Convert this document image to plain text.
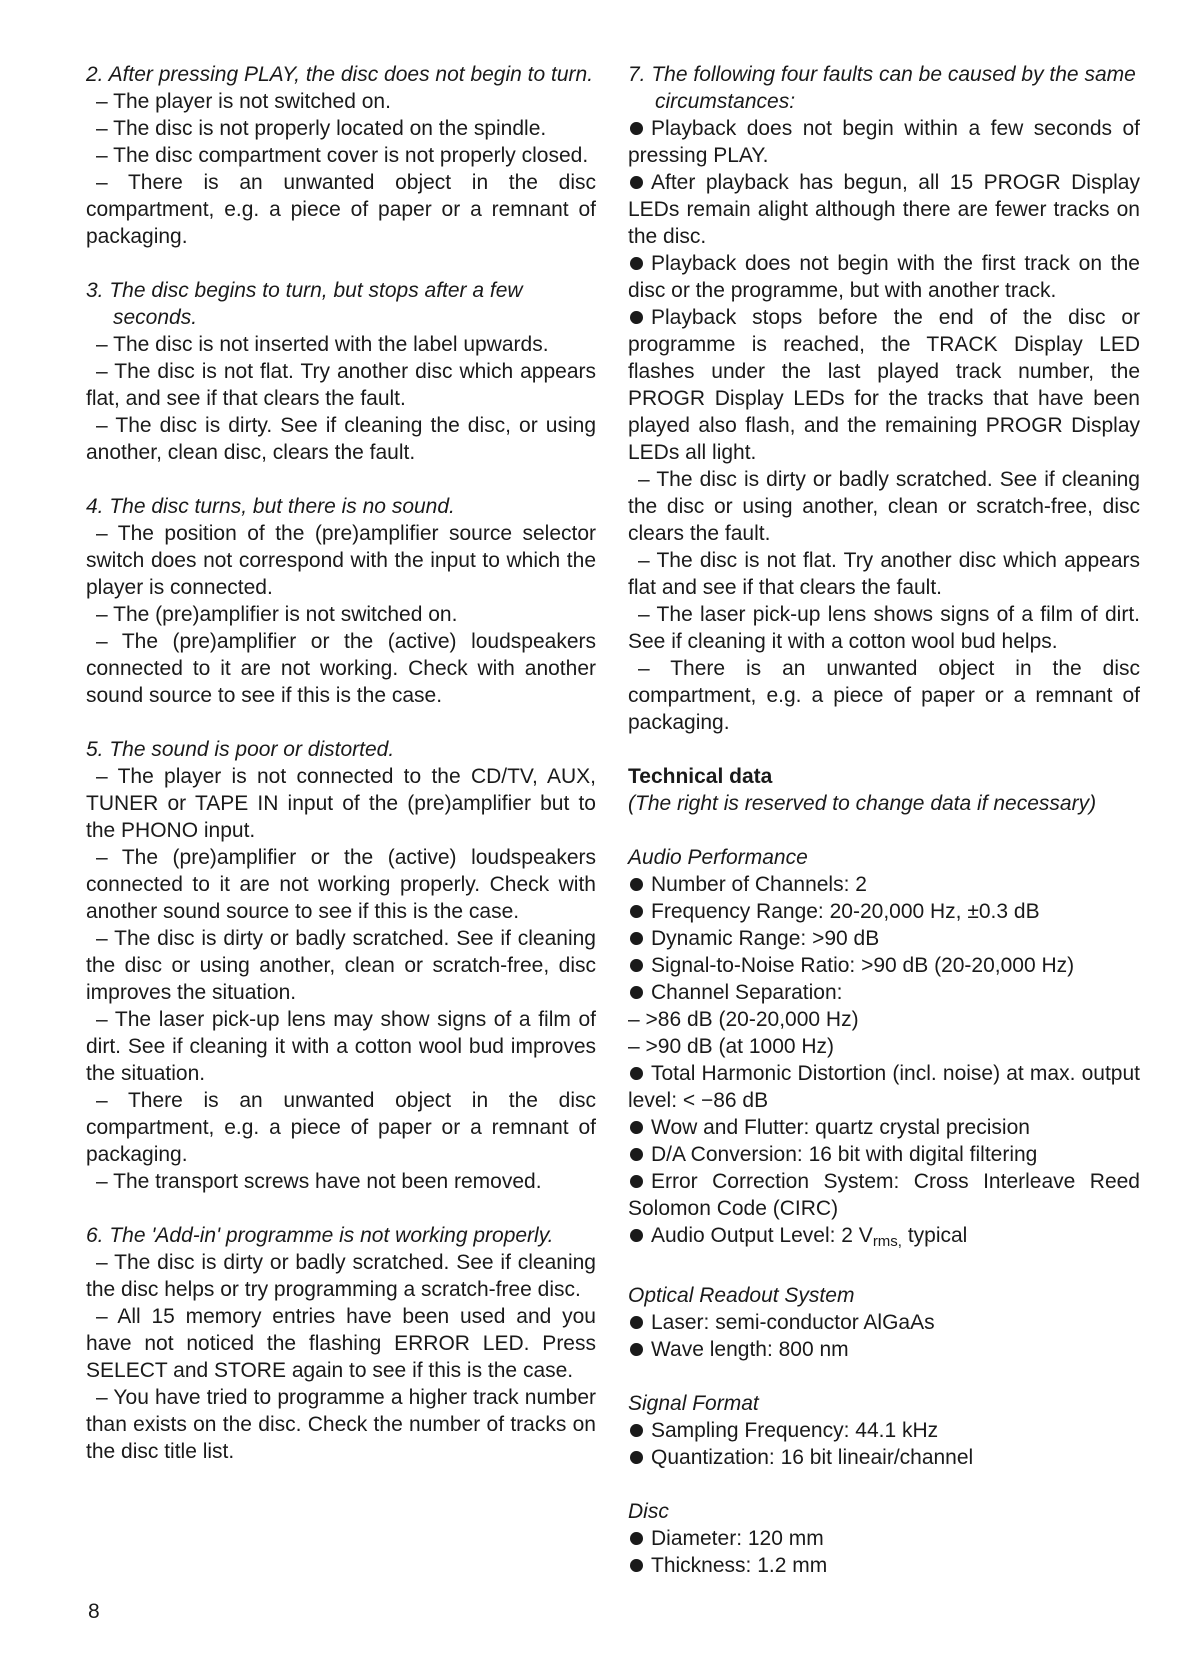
2. After pressing PLAY, the disc does not begin to turn.

– The player is not switched on.

– The disc is not properly located on the spindle.

– The disc compartment cover is not properly closed.

– There is an unwanted object in the disc compartment, e.g. a piece of paper or a remnant of packaging.

3. The disc begins to turn, but stops after a few seconds.

– The disc is not inserted with the label upwards.

– The disc is not flat. Try another disc which appears flat, and see if that clears the fault.

– The disc is dirty. See if cleaning the disc, or using another, clean disc, clears the fault.

4. The disc turns, but there is no sound.

– The position of the (pre)amplifier source selector switch does not correspond with the input to which the player is connected.

– The (pre)amplifier is not switched on.

– The (pre)amplifier or the (active) loudspeakers connected to it are not working. Check with another sound source to see if this is the case.

5. The sound is poor or distorted.

– The player is not connected to the CD/TV, AUX, TUNER or TAPE IN input of the (pre)amplifier but to the PHONO input.

– The (pre)amplifier or the (active) loudspeakers connected to it are not working properly. Check with another sound source to see if this is the case.

– The disc is dirty or badly scratched. See if cleaning the disc or using another, clean or scratch-free, disc improves the situation.

– The laser pick-up lens may show signs of a film of dirt. See if cleaning it with a cotton wool bud improves the situation.

– There is an unwanted object in the disc compartment, e.g. a piece of paper or a remnant of packaging.

– The transport screws have not been removed.

6. The 'Add-in' programme is not working properly.

– The disc is dirty or badly scratched. See if cleaning the disc helps or try programming a scratch-free disc.

– All 15 memory entries have been used and you have not noticed the flashing ERROR LED. Press SELECT and STORE again to see if this is the case.

– You have tried to programme a higher track number than exists on the disc. Check the number of tracks on the disc title list.

7. The following four faults can be caused by the same circumstances:

Playback does not begin within a few seconds of pressing PLAY.

After playback has begun, all 15 PROGR Display LEDs remain alight although there are fewer tracks on the disc.

Playback does not begin with the first track on the disc or the programme, but with another track.

Playback stops before the end of the disc or programme is reached, the TRACK Display LED flashes under the last played track number, the PROGR Display LEDs for the tracks that have been played also flash, and the remaining PROGR Display LEDs all light.

– The disc is dirty or badly scratched. See if cleaning the disc or using another, clean or scratch-free, disc clears the fault.

– The disc is not flat. Try another disc which appears flat and see if that clears the fault.

– The laser pick-up lens shows signs of a film of dirt. See if cleaning it with a cotton wool bud helps.

– There is an unwanted object in the disc compartment, e.g. a piece of paper or a remnant of packaging.

Technical data

(The right is reserved to change data if necessary)

Audio Performance

Number of Channels: 2

Frequency Range: 20-20,000 Hz, ±0.3 dB

Dynamic Range: >90 dB

Signal-to-Noise Ratio: >90 dB (20-20,000 Hz)

Channel Separation:

– >86 dB (20-20,000 Hz)

– >90 dB (at 1000 Hz)

Total Harmonic Distortion (incl. noise) at max. output level: < −86 dB

Wow and Flutter: quartz crystal precision

D/A Conversion: 16 bit with digital filtering

Error Correction System: Cross Interleave Reed Solomon Code (CIRC)

Audio Output Level: 2 $V_{rms,}$ typical

Optical Readout System

Laser: semi-conductor AlGaAs

Wave length: 800 nm

Signal Format

Sampling Frequency: 44.1 kHz

Quantization: 16 bit lineair/channel

Disc

Diameter: 120 mm

Thickness: 1.2 mm

8
